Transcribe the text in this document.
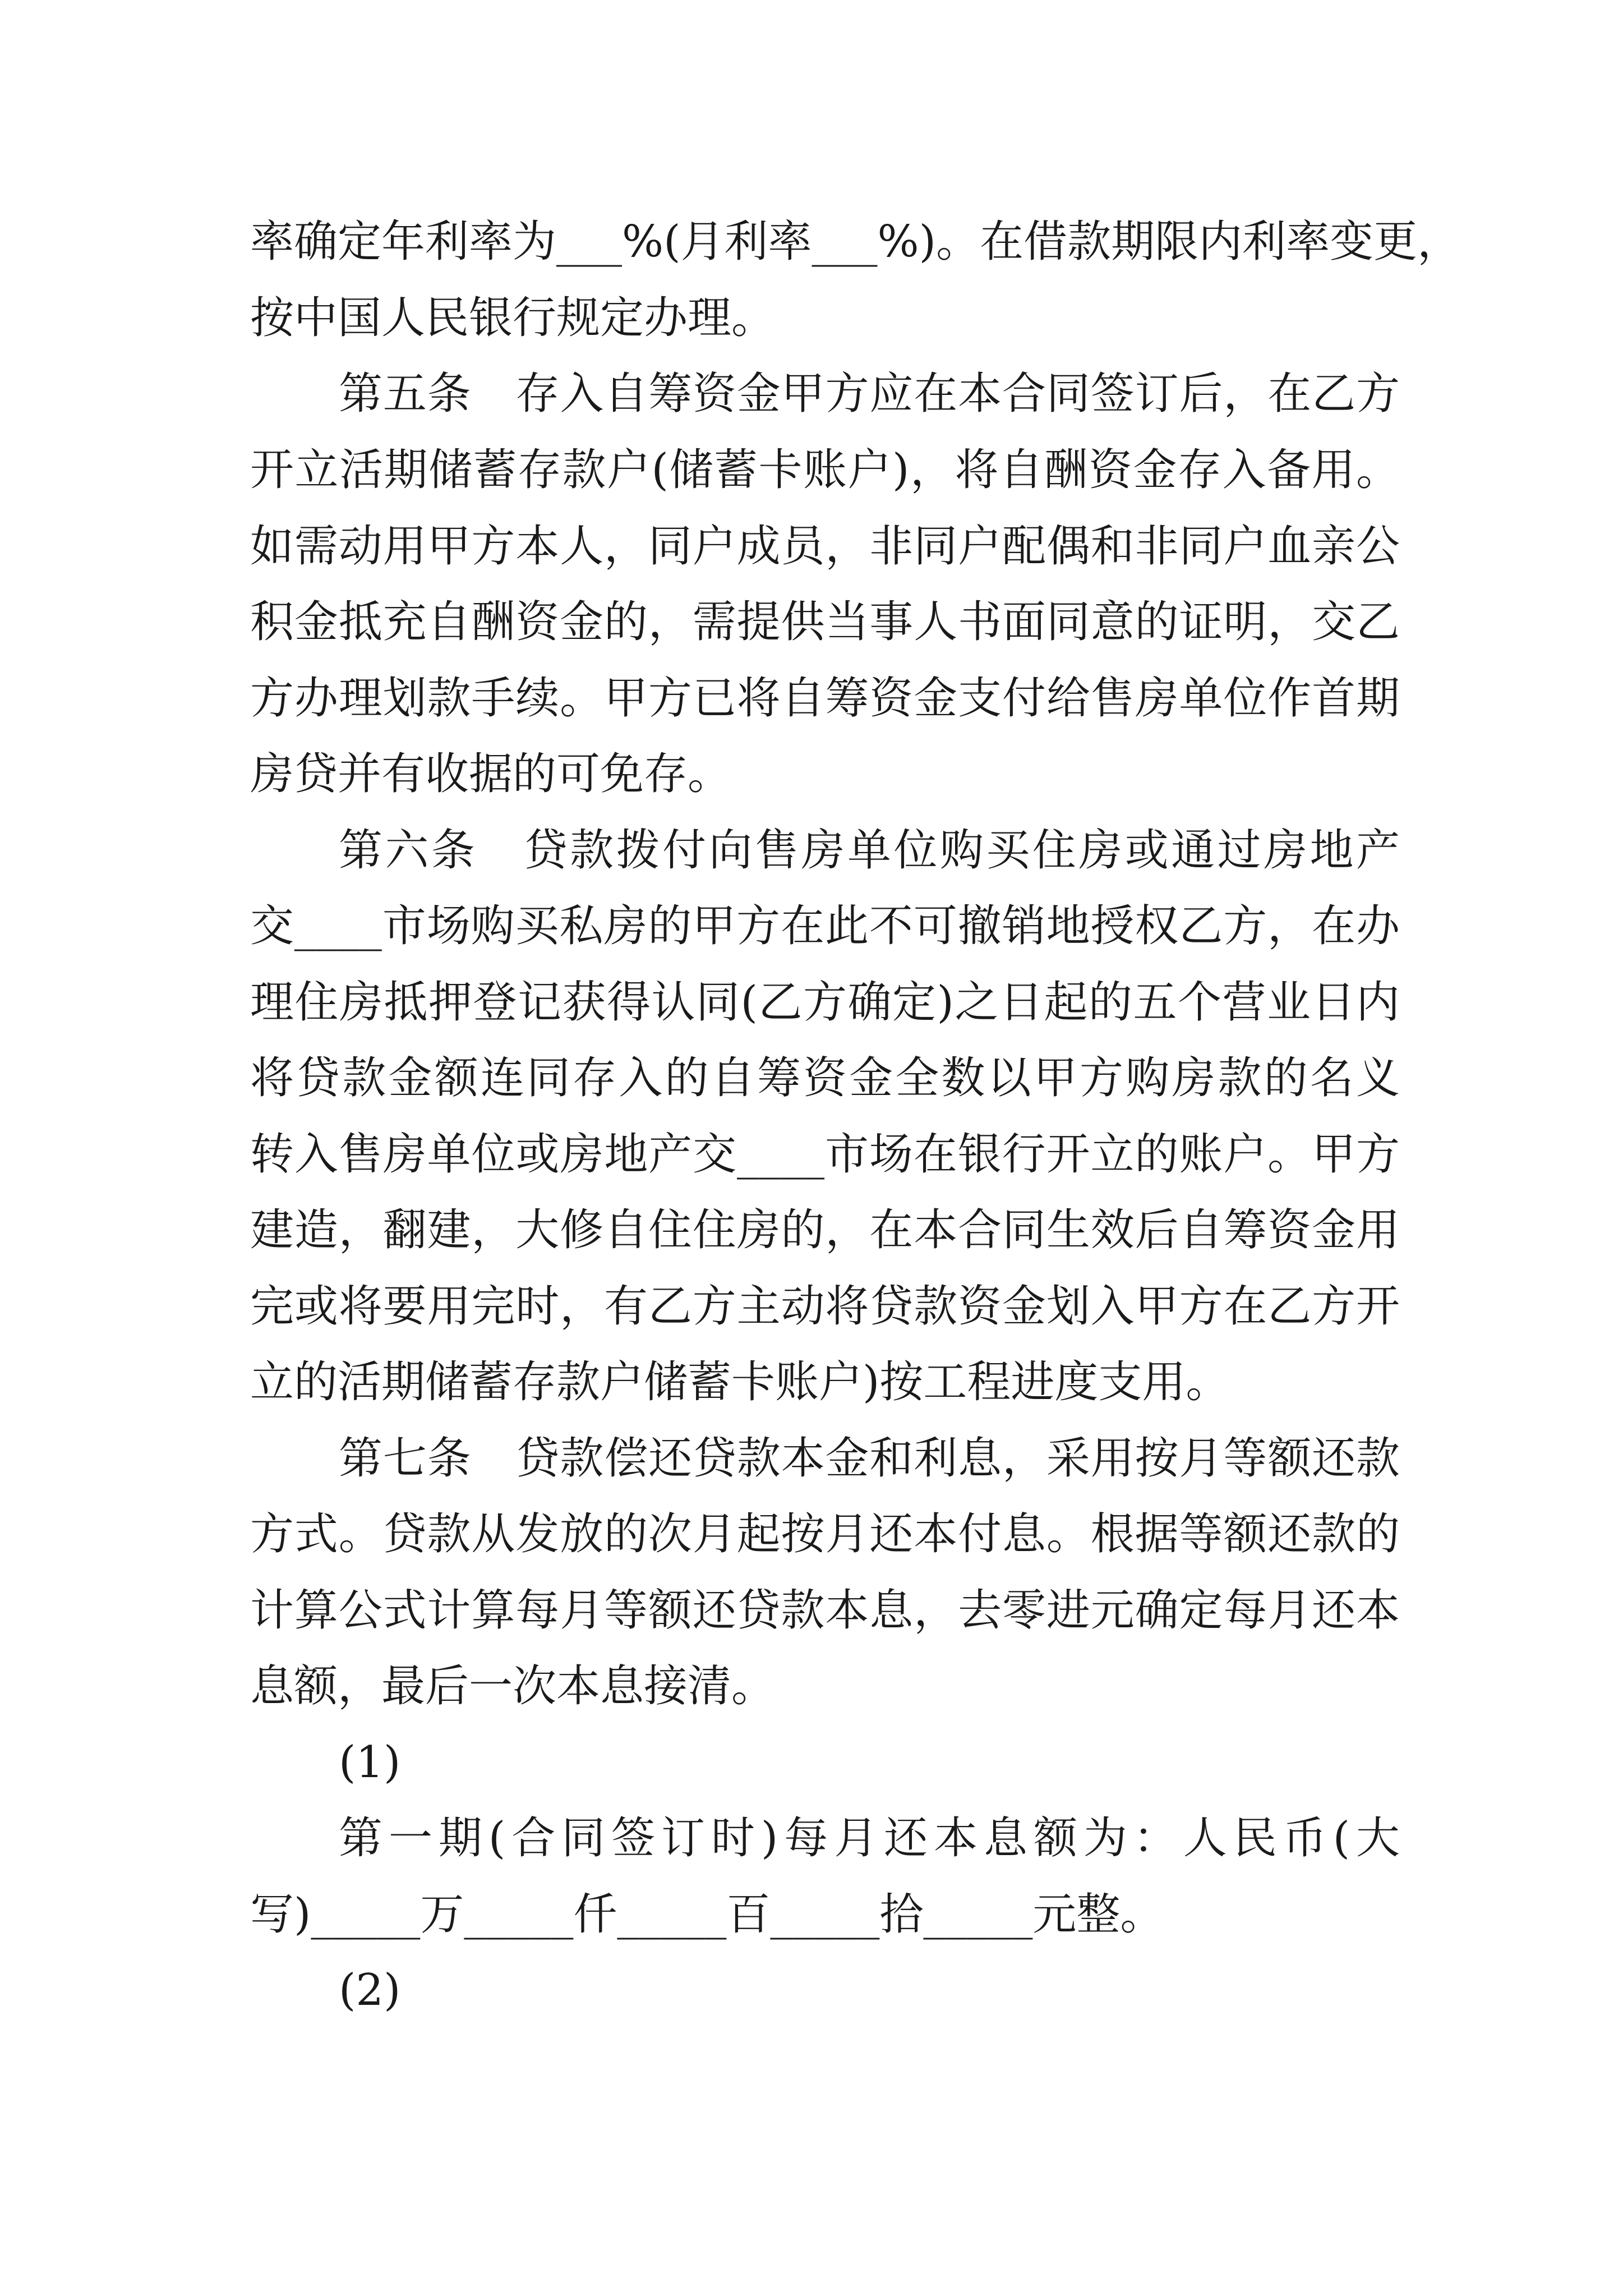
率确定年利率为___%(月利率___%)。在借款期限内利率变更，
按中国人民银行规定办理。
第五条　存入自筹资金甲方应在本合同签订后，在乙方
开立活期储蓄存款户(储蓄卡账户)，将自酬资金存入备用。
如需动用甲方本人，同户成员，非同户配偶和非同户血亲公
积金抵充自酬资金的，需提供当事人书面同意的证明，交乙
方办理划款手续。甲方已将自筹资金支付给售房单位作首期
房贷并有收据的可免存。
第六条　贷款拨付向售房单位购买住房或通过房地产
交____市场购买私房的甲方在此不可撤销地授权乙方，在办
理住房抵押登记获得认同(乙方确定)之日起的五个营业日内
将贷款金额连同存入的自筹资金全数以甲方购房款的名义
转入售房单位或房地产交____市场在银行开立的账户。甲方
建造，翻建，大修自住住房的，在本合同生效后自筹资金用
完或将要用完时，有乙方主动将贷款资金划入甲方在乙方开
立的活期储蓄存款户储蓄卡账户)按工程进度支用。
第七条　贷款偿还贷款本金和利息，采用按月等额还款
方式。贷款从发放的次月起按月还本付息。根据等额还款的
计算公式计算每月等额还贷款本息，去零进元确定每月还本
息额，最后一次本息接清。
(1)
第一期(合同签订时)每月还本息额为：人民币(大
写)_____万_____仟_____百_____拾_____元整。
(2)
